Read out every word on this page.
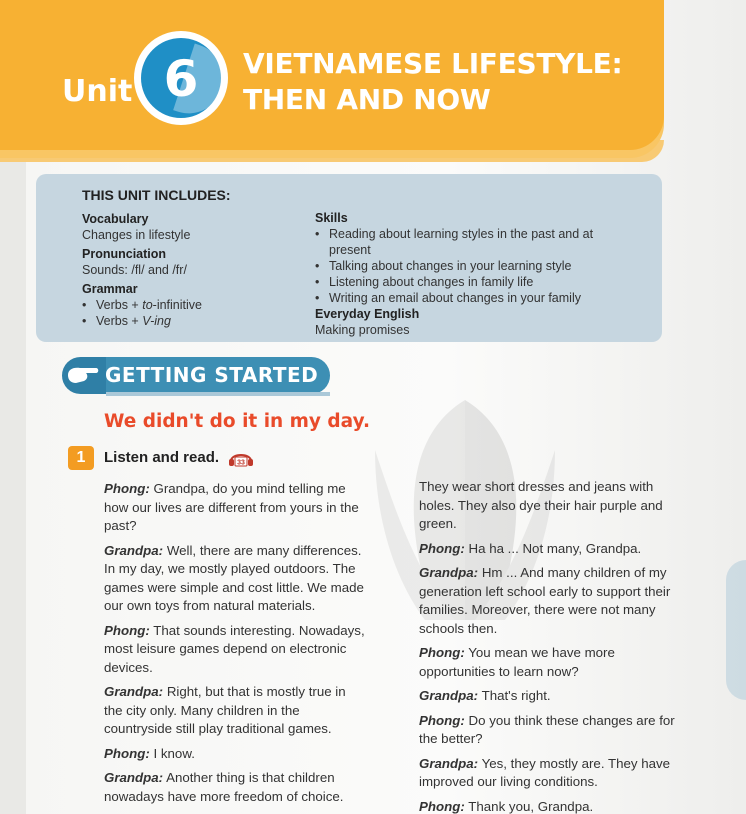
Unit 6	VIETNAMESE LIFESTYLE:
THEN AND NOW
THIS UNIT INCLUDES:
Vocabulary
Changes in lifestyle
Pronunciation
Sounds: /fl/ and /fr/
Grammar
• Verbs + to-infinitive
• Verbs + V-ing
Skills
• Reading about learning styles in the past and at present
• Talking about changes in your learning style
• Listening about changes in family life
• Writing an email about changes in your family
Everyday English
Making promises
GETTING STARTED
We didn't do it in my day.
1	Listen and read.	33

Phong: Grandpa, do you mind telling me how our lives are different from yours in the past?

Grandpa: Well, there are many differences. In my day, we mostly played outdoors. The games were simple and cost little. We made our own toys from natural materials.

Phong: That sounds interesting. Nowadays, most leisure games depend on electronic devices.

Grandpa: Right, but that is mostly true in the city only. Many children in the countryside still play traditional games.

Phong: I know.

Grandpa: Another thing is that children nowadays have more freedom of choice.

They wear short dresses and jeans with holes. They also dye their hair purple and green.

Phong: Ha ha ... Not many, Grandpa.

Grandpa: Hm ... And many children of my generation left school early to support their families. Moreover, there were not many schools then.

Phong: You mean we have more opportunities to learn now?

Grandpa: That's right.

Phong: Do you think these changes are for the better?

Grandpa: Yes, they mostly are. They have improved our living conditions.

Phong: Thank you, Grandpa.
